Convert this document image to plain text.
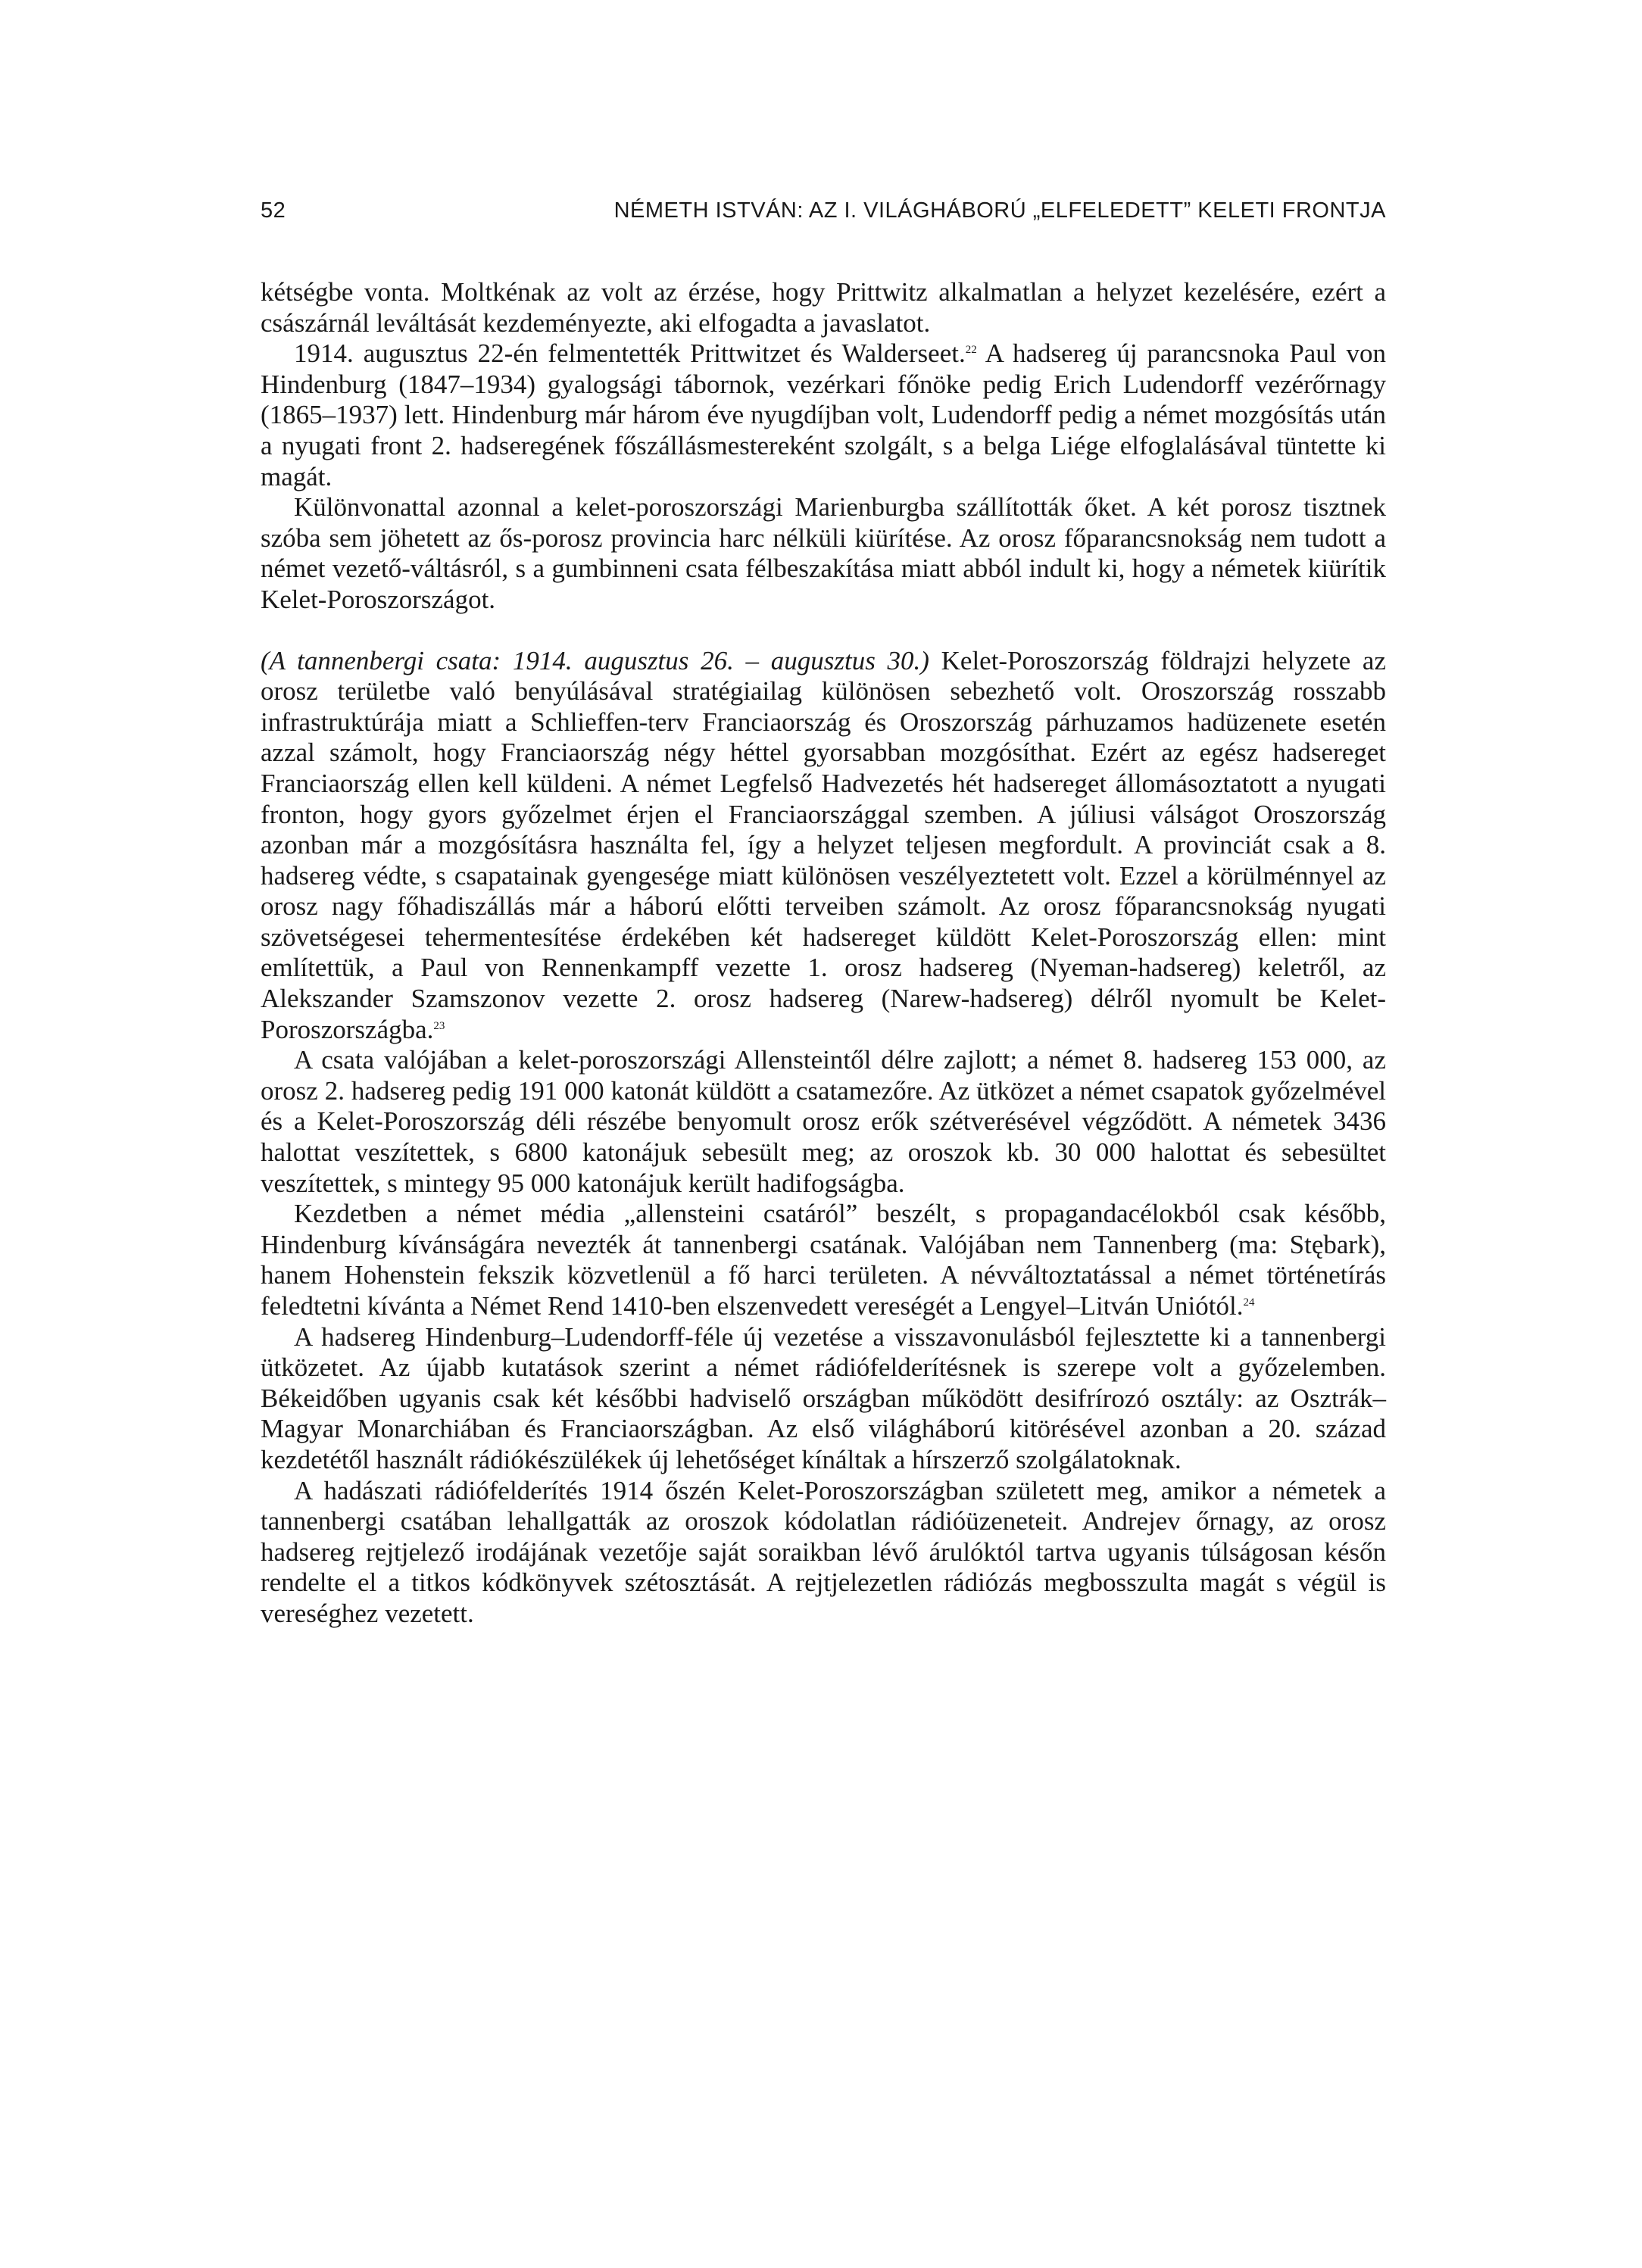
52	NÉMETH ISTVÁN: AZ I. VILÁGHÁBORÚ „ELFELEDETT” KELETI FRONTJA

kétségbe vonta. Moltkénak az volt az érzése, hogy Prittwitz alkalmatlan a helyzet kezelésére, ezért a császárnál leváltását kezdeményezte, aki elfogadta a javaslatot.

1914. augusztus 22-én felmentették Prittwitzet és Walderseet.$^{22}$ A hadsereg új parancsnoka Paul von Hindenburg (1847–1934) gyalogsági tábornok, vezérkari főnöke pedig Erich Ludendorff vezérőrnagy (1865–1937) lett. Hindenburg már három éve nyugdíjban volt, Ludendorff pedig a német mozgósítás után a nyugati front 2. hadseregének főszállásmestereként szolgált, s a belga Liége elfoglalásával tüntette ki magát.

Különvonattal azonnal a kelet-poroszországi Marienburgba szállították őket. A két porosz tisztnek szóba sem jöhetett az ős-porosz provincia harc nélküli kiürítése. Az orosz főparancsnokság nem tudott a német vezető-váltásról, s a gumbinneni csata félbeszakítása miatt abból indult ki, hogy a németek kiürítik Kelet-Poroszországot.

(A tannenbergi csata: 1914. augusztus 26. – augusztus 30.) Kelet-Poroszország földrajzi helyzete az orosz területbe való benyúlásával stratégiailag különösen sebezhető volt. Oroszország rosszabb infrastruktúrája miatt a Schlieffen-terv Franciaország és Oroszország párhuzamos hadüzenete esetén azzal számolt, hogy Franciaország négy héttel gyorsabban mozgósíthat. Ezért az egész hadsereget Franciaország ellen kell küldeni. A német Legfelső Hadvezetés hét hadsereget állomásoztatott a nyugati fronton, hogy gyors győzelmet érjen el Franciaországgal szemben. A júliusi válságot Oroszország azonban már a mozgósításra használta fel, így a helyzet teljesen megfordult. A provinciát csak a 8. hadsereg védte, s csapatainak gyengesége miatt különösen veszélyeztetett volt. Ezzel a körülménnyel az orosz nagy főhadiszállás már a háború előtti terveiben számolt. Az orosz főparancsnokság nyugati szövetségesei tehermentesítése érdekében két hadsereget küldött Kelet-Poroszország ellen: mint említettük, a Paul von Rennenkampff vezette 1. orosz hadsereg (Nyeman-hadsereg) keletről, az Alekszander Szamszonov vezette 2. orosz hadsereg (Narew-hadsereg) délről nyomult be Kelet-Poroszországba.$^{23}$

A csata valójában a kelet-poroszországi Allensteintől délre zajlott; a német 8. hadsereg 153 000, az orosz 2. hadsereg pedig 191 000 katonát küldött a csatamezőre. Az ütközet a német csapatok győzelmével és a Kelet-Poroszország déli részébe benyomult orosz erők szétverésével végződött. A németek 3436 halottat veszítettek, s 6800 katonájuk sebesült meg; az oroszok kb. 30 000 halottat és sebesültet veszítettek, s mintegy 95 000 katonájuk került hadifogságba.

Kezdetben a német média „allensteini csatáról” beszélt, s propagandacélokból csak később, Hindenburg kívánságára nevezték át tannenbergi csatának. Valójában nem Tannenberg (ma: Stębark), hanem Hohenstein fekszik közvetlenül a fő harci területen. A névváltoztatással a német történetírás feledtetni kívánta a Német Rend 1410-ben elszenvedett vereségét a Lengyel–Litván Uniótól.$^{24}$

A hadsereg Hindenburg–Ludendorff-féle új vezetése a visszavonulásból fejlesztette ki a tannenbergi ütközetet. Az újabb kutatások szerint a német rádiófelderítésnek is szerepe volt a győzelemben. Békeidőben ugyanis csak két későbbi hadviselő országban működött desifrírozó osztály: az Osztrák–Magyar Monarchiában és Franciaországban. Az első világháború kitörésével azonban a 20. század kezdetétől használt rádiókészülékek új lehetőséget kínáltak a hírszerző szolgálatoknak.

A hadászati rádiófelderítés 1914 őszén Kelet-Poroszországban született meg, amikor a németek a tannenbergi csatában lehallgatták az oroszok kódolatlan rádióüzeneteit. Andrejev őrnagy, az orosz hadsereg rejtjelező irodájának vezetője saját soraikban lévő árulóktól tartva ugyanis túlságosan későn rendelte el a titkos kódkönyvek szétosztását. A rejtjelezetlen rádiózás megbosszulta magát s végül is vereséghez vezetett.
